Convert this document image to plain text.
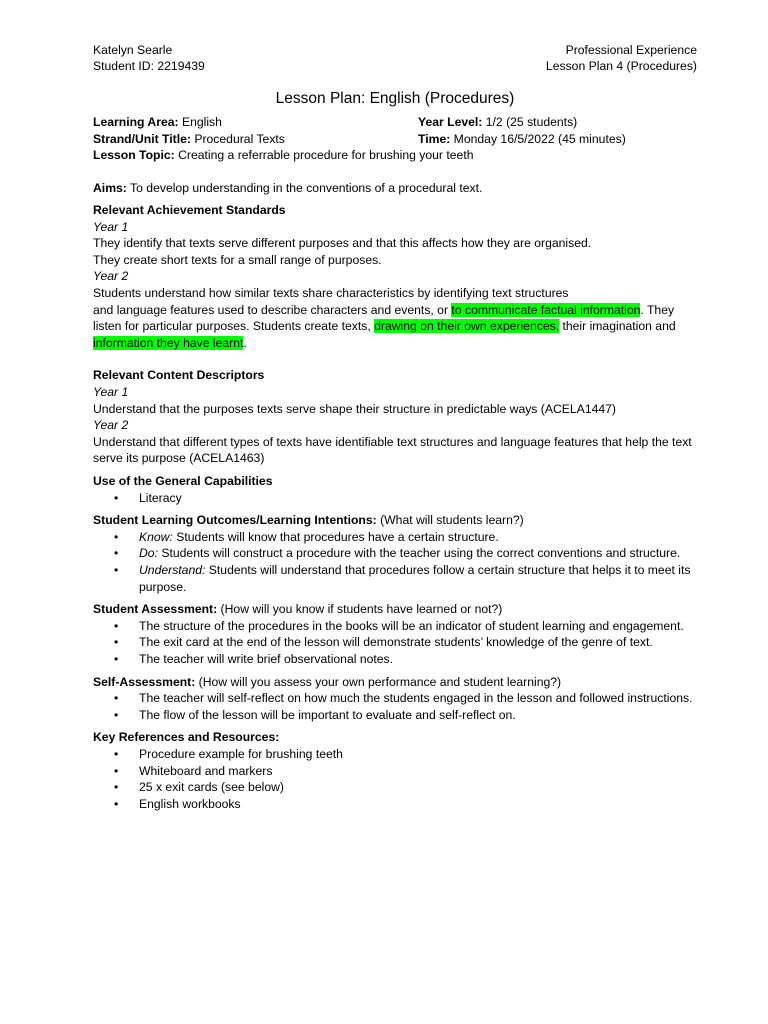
Katelyn Searle
Student ID: 2219439
Professional Experience
Lesson Plan 4 (Procedures)
Lesson Plan: English (Procedures)
Learning Area: English	Year Level: 1/2 (25 students)
Strand/Unit Title: Procedural Texts	Time: Monday 16/5/2022 (45 minutes)
Lesson Topic: Creating a referrable procedure for brushing your teeth

Aims: To develop understanding in the conventions of a procedural text.

Relevant Achievement Standards
Year 1
They identify that texts serve different purposes and that this affects how they are organised.
They create short texts for a small range of purposes.
Year 2
Students understand how similar texts share characteristics by identifying text structures
and language features used to describe characters and events, or to communicate factual information. They listen for particular purposes. Students create texts, drawing on their own experiences, their imagination and information they have learnt.
Relevant Content Descriptors
Year 1
Understand that the purposes texts serve shape their structure in predictable ways (ACELA1447)
Year 2
Understand that different types of texts have identifiable text structures and language features that help the text serve its purpose (ACELA1463)
Use of the General Capabilities
• Literacy
Student Learning Outcomes/Learning Intentions: (What will students learn?)
• Know: Students will know that procedures have a certain structure.
• Do: Students will construct a procedure with the teacher using the correct conventions and structure.
• Understand: Students will understand that procedures follow a certain structure that helps it to meet its purpose.
Student Assessment: (How will you know if students have learned or not?)
• The structure of the procedures in the books will be an indicator of student learning and engagement.
• The exit card at the end of the lesson will demonstrate students’ knowledge of the genre of text.
• The teacher will write brief observational notes.
Self-Assessment: (How will you assess your own performance and student learning?)
• The teacher will self-reflect on how much the students engaged in the lesson and followed instructions.
• The flow of the lesson will be important to evaluate and self-reflect on.
Key References and Resources:
• Procedure example for brushing teeth
• Whiteboard and markers
• 25 x exit cards (see below)
• English workbooks
